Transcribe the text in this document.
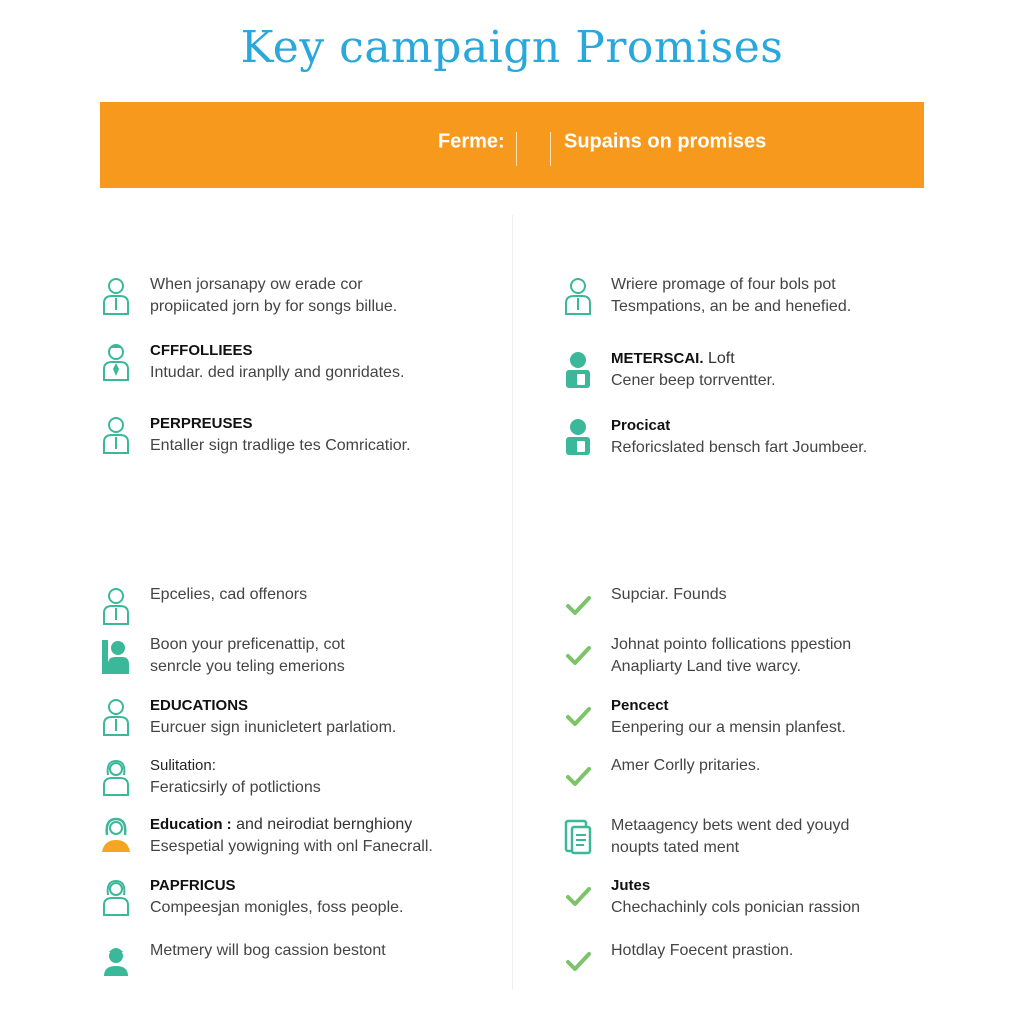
Key campaign Promises
Ferme:	Supains on promises
When jorsanapy ow erade cor
propiicated jorn by for songs billue.
CFFFOLLIEES
Intudar. ded iranplly and gonridates.
PERPREUSES
Entaller sign tradlige tes Comricatior.
Wriere promage of four bols pot
Tesmpations, an be and henefied.
METERSCAI. Loft
Cener beep torrventter.
Procicat
Reforicslated bensch fart Joumbeer.
Epcelies, cad offenors
Boon your preficenattip, cot
senrcle you teling emerions
EDUCATIONS
Eurcuer sign inunicletert parlatiom.
Sulitation:
Feraticsirly of potlictions
Education : and neirodiat bernghiony
Esespetial yowigning with onl Fanecrall.
PAPFRICUS
Compeesjan monigles, foss people.
Metmery will bog cassion bestont
Supciar. Founds
Johnat pointo follications ppestion
Anapliarty Land tive warcy.
Pencect
Eenpering our a mensin planfest.
Amer Corlly pritaries.
Metaagency bets went ded youyd
noupts tated ment
Jutes
Chechachinly cols ponician rassion
Hotdlay Foecent prastion.
